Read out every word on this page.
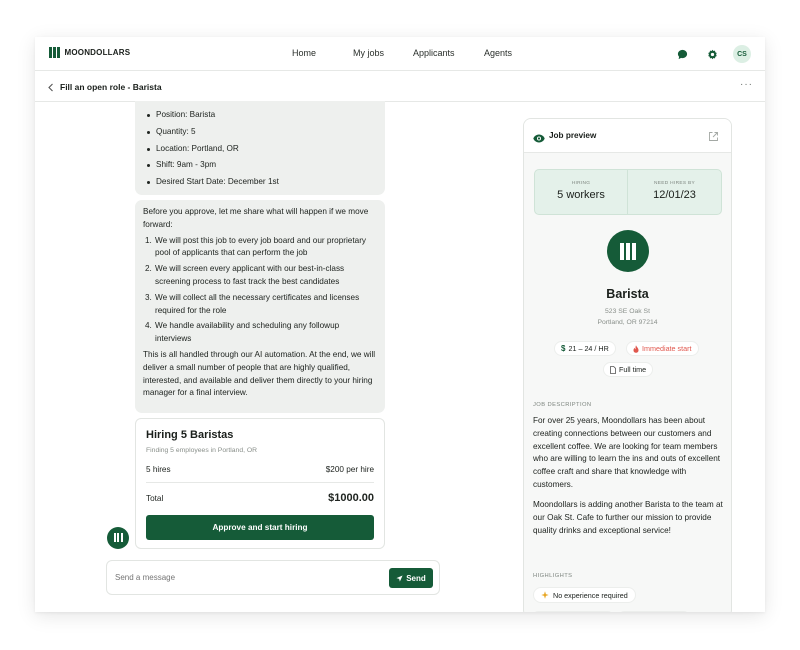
MOONDOLLARS	Home	My jobs	Applicants	Agents	CS
Fill an open role - Barista	···
Position: Barista
Quantity: 5
Location: Portland, OR
Shift: 9am - 3pm
Desired Start Date: December 1st

Before you approve, let me share what will happen if we move forward:

1. We will post this job to every job board and our proprietary pool of applicants that can perform the job
2. We will screen every applicant with our best-in-class screening process to fast track the best candidates
3. We will collect all the necessary certificates and licenses required for the role
4. We handle availability and scheduling any followup interviews

This is all handled through our AI automation. At the end, we will deliver a small number of people that are highly qualified, interested, and available and deliver them directly to your hiring manager for a final interview.

Hiring 5 Baristas
Finding 5 employees in Portland, OR
5 hires	$200 per hire
Total	$1000.00
Approve and start hiring
Send a message
Send
Job preview
HIRING
5 workers
NEED HIRES BY
12/01/23
Barista
523 SE Oak St
Portland, OR 97214
$ 21 – 24 / HR	Immediate start
Full time
JOB DESCRIPTION
For over 25 years, Moondollars has been about creating connections between our customers and excellent coffee. We are looking for team members who are willing to learn the ins and outs of excellent coffee craft and share that knowledge with customers.
Moondollars is adding another Barista to the team at our Oak St. Cafe to further our mission to provide quality drinks and exceptional service!
HIGHLIGHTS
No experience required
